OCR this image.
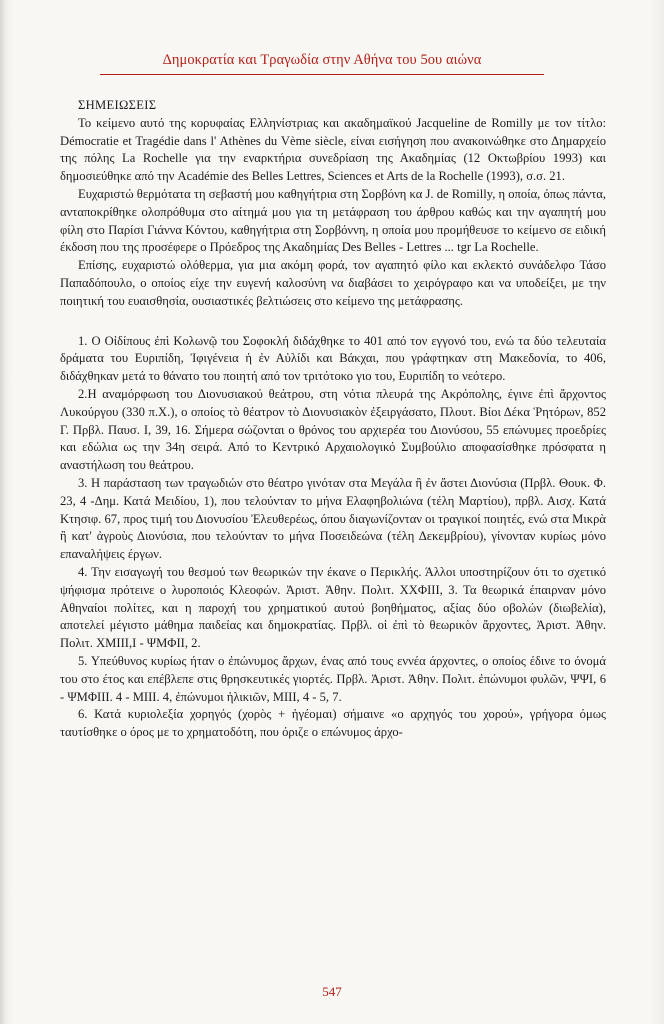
Δημοκρατία και Τραγωδία στην Αθήνα του 5ου αιώνα

ΣΗΜΕΙΩΣΕΙΣ

Το κείμενο αυτό της κορυφαίας Ελληνίστριας και ακαδημαϊκού Jacqueline de Romilly με τον τίτλο: Démocratie et Tragédie dans l' Athènes du Vème siècle, είναι εισήγηση που ανακοινώθηκε στο Δημαρχείο της πόλης La Rochelle για την εναρκτήρια συνεδρίαση της Ακαδημίας (12 Οκτωβρίου 1993) και δημοσιεύθηκε από την Académie des Belles Lettres, Sciences et Arts de la Rochelle (1993), σ.σ. 21.

Ευχαριστώ θερμότατα τη σεβαστή μου καθηγήτρια στη Σορβόνη κα J. de Romilly, η οποία, όπως πάντα, ανταποκρίθηκε ολοπρόθυμα στο αίτημά μου για τη μετάφραση του άρθρου καθώς και την αγαπητή μου φίλη στο Παρίσι Γιάννα Κόντου, καθηγήτρια στη Σορβόννη, η οποία μου προμήθευσε το κείμενο σε ειδική έκδοση που της προσέφερε ο Πρόεδρος της Ακαδημίας Des Belles - Lettres ... tgr La Rochelle.

Επίσης, ευχαριστώ ολόθερμα, για μια ακόμη φορά, τον αγαπητό φίλο και εκλεκτό συνάδελφο Τάσο Παπαδόπουλο, ο οποίος είχε την ευγενή καλοσύνη να διαβάσει το χειρόγραφο και να υποδείξει, με την ποιητική του ευαισθησία, ουσιαστικές βελτιώσεις στο κείμενο της μετάφρασης.

1. Ο Οἰδίπους ἐπὶ Κολωνῷ του Σοφοκλή διδάχθηκε το 401 από τον εγγονό του, ενώ τα δύο τελευταία δράματα του Ευριπίδη, Ἰφιγένεια ἡ ἐν Αὐλίδι και Βάκχαι, που γράφτηκαν στη Μακεδονία, το 406, διδάχθηκαν μετά το θάνατο του ποιητή από τον τριτότοκο γιο του, Ευριπίδη το νεότερο.

2.Η αναμόρφωση του Διονυσιακού θεάτρου, στη νότια πλευρά της Ακρόπολης, έγινε ἐπὶ ἄρχοντος Λυκούργου (330 π.Χ.), ο οποίος τὸ θέατρον τὸ Διονυσιακὸν ἐξειργάσατο, Πλουτ. Βίοι Δέκα Ῥητόρων, 852 Γ. Πρβλ. Παυσ. Ι, 39, 16. Σήμερα σώζονται ο θρόνος του αρχιερέα του Διονύσου, 55 επώνυμες προεδρίες και εδώλια ως την 34η σειρά. Από το Κεντρικό Αρχαιολογικό Συμβούλιο αποφασίσθηκε πρόσφατα η αναστήλωση του θεάτρου.

3. Η παράσταση των τραγωδιών στο θέατρο γινόταν στα Μεγάλα ἢ ἐν ἄστει Διονύσια (Πρβλ. Θουκ. Φ. 23, 4 -Δημ. Κατά Μειδίου, 1), που τελούνταν το μήνα Ελαφηβολιώνα (τέλη Μαρτίου), πρβλ. Αισχ. Κατά Κτησιφ. 67, προς τιμή του Διονυσίου Ἐλευθερέως, όπου διαγωνίζονταν οι τραγικοί ποιητές, ενώ στα Μικρὰ ἢ κατ' ἀγροὺς Διονύσια, που τελούνταν το μήνα Ποσειδεώνα (τέλη Δεκεμβρίου), γίνονταν κυρίως μόνο επαναλήψεις έργων.

4. Την εισαγωγή του θεσμού των θεωρικών την έκανε ο Περικλής. Άλλοι υποστηρίζουν ότι το σχετικό ψήφισμα πρότεινε ο λυροποιός Κλεοφών. Ἀριστ. Ἀθην. Πολιτ. ΧΧΦΙΙΙ, 3. Τα θεωρικά έπαιρναν μόνο Αθηναίοι πολίτες, και η παροχή του χρηματικού αυτού βοηθήματος, αξίας δύο οβολών (διωβελία), αποτελεί μέγιστο μάθημα παιδείας και δημοκρατίας. Πρβλ. οἱ ἐπὶ τὸ θεωρικὸν ἄρχοντες, Ἀριστ. Ἀθην. Πολιτ. ΧΜΙΙΙ,Ι - ΨΜΦΙΙ, 2.

5. Υπεύθυνος κυρίως ήταν ο ἐπώνυμος ἄρχων, ένας από τους εννέα άρχοντες, ο οποίος έδινε το όνομά του στο έτος και επέβλεπε στις θρησκευτικές γιορτές. Πρβλ. Ἀριστ. Ἀθην. Πολιτ. ἐπώνυμοι φυλῶν, ΨΨΙ, 6 - ΨΜΦΙΙΙ. 4 - ΜΙΙΙ. 4, ἐπώνυμοι ἡλικιῶν, ΜΙΙΙ, 4 - 5, 7.

6. Κατά κυριολεξία χορηγός (χορὸς + ἡγέομαι) σήμαινε «ο αρχηγός του χορού», γρήγορα όμως ταυτίσθηκε ο όρος με το χρηματοδότη, που όριζε ο επώνυμος άρχο-

547
